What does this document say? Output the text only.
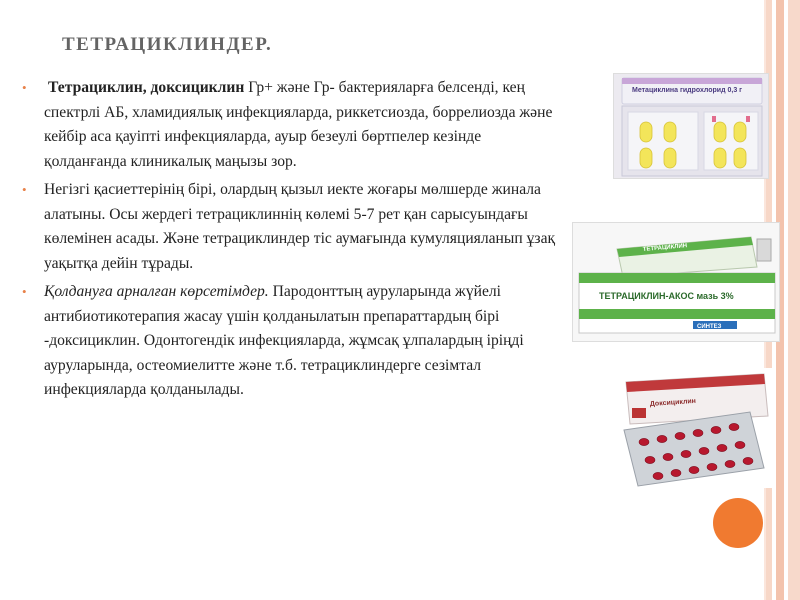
ТЕТРАЦИКЛИНДЕР.
• Тетрациклин, доксициклин Гр+ және Гр- бактерияларға белсенді, кең спектрлі АБ, хламидиялық инфекцияларда, риккетсиозда, боррелиозда және кейбір аса қауіпті инфекцияларда, ауыр безеулі бөртпелер кезінде қолданғанда клиникалық маңызы зор.
• Негізгі қасиеттерінің бірі, олардың қызыл иекте жоғары мөлшерде жинала алатыны. Осы жердегі тетрациклиннің көлемі 5-7 рет қан сарысуындағы көлемінен асады. Және тетрациклиндер тіс аумағында кумуляцияланып ұзақ уақытқа дейін тұрады.
• Қолдануға арналған көрсетімдер. Пародонттың ауруларында жүйелі антибиотикотерапия жасау үшін қолданылатын препараттардың бірі -доксициклин. Одонтогендік инфекцияларда, жұмсақ ұлпалардың іріңді ауруларында, остеомиелитте және т.б. тетрациклиндерге сезімтал инфекцияларда қолданылады.
Метациклина гидрохлорид 0,3 г
ТЕТРАЦИКЛИН
ТЕТРАЦИКЛИН-АКОС мазь 3%
СИНТЕЗ
Доксициклин
